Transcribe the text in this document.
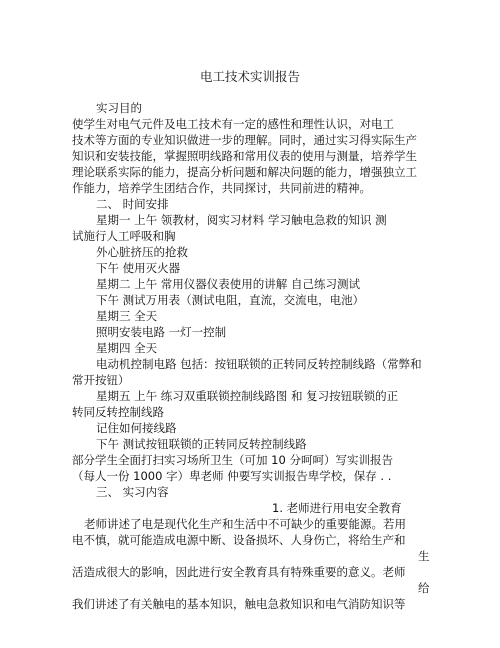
电工技术实训报告
实习目的
使学生对电气元件及电工技术有一定的感性和理性认识，对电工
技术等方面的专业知识做进一步的理解。同时，通过实习得实际生产
知识和安装技能，掌握照明线路和常用仪表的使用与测量，培养学生
理论联系实际的能力，提高分析问题和解决问题的能力，增强独立工
作能力，培养学生团结合作，共同探讨，共同前进的精神。
二、 时间安排
星期一 上午 领教材，阅实习材料 学习触电急救的知识 测
试施行人工呼吸和胸
外心脏挤压的抢救
下午 使用灭火器
星期二 上午 常用仪器仪表使用的讲解 自己练习测试
下午 测试万用表（测试电阻，直流，交流电，电池）
星期三 全天
照明安装电路 一灯一控制
星期四 全天
电动机控制电路 包括：按钮联锁的正转同反转控制线路（常弊和
常开按钮）
星期五 上午 练习双重联锁控制线路图 和 复习按钮联锁的正
转同反转控制线路
记住如何接线路
下午 测试按钮联锁的正转同反转控制线路
部分学生全面打扫实习场所卫生（可加 10 分呵呵）写实训报告
（每人一份 1000 字）卑老师 仲要写实训报告卑学校，保存 . .
三、 实习内容
1. 老师进行用电安全教育
老师讲述了电是现代化生产和生活中不可缺少的重要能源。若用
电不慎，就可能造成电源中断、设备损坏、人身伤亡，将给生产和
生
活造成很大的影响，因此进行安全教育具有特殊重要的意义。老师
给
我们讲述了有关触电的基本知识，触电急救知识和电气消防知识等
